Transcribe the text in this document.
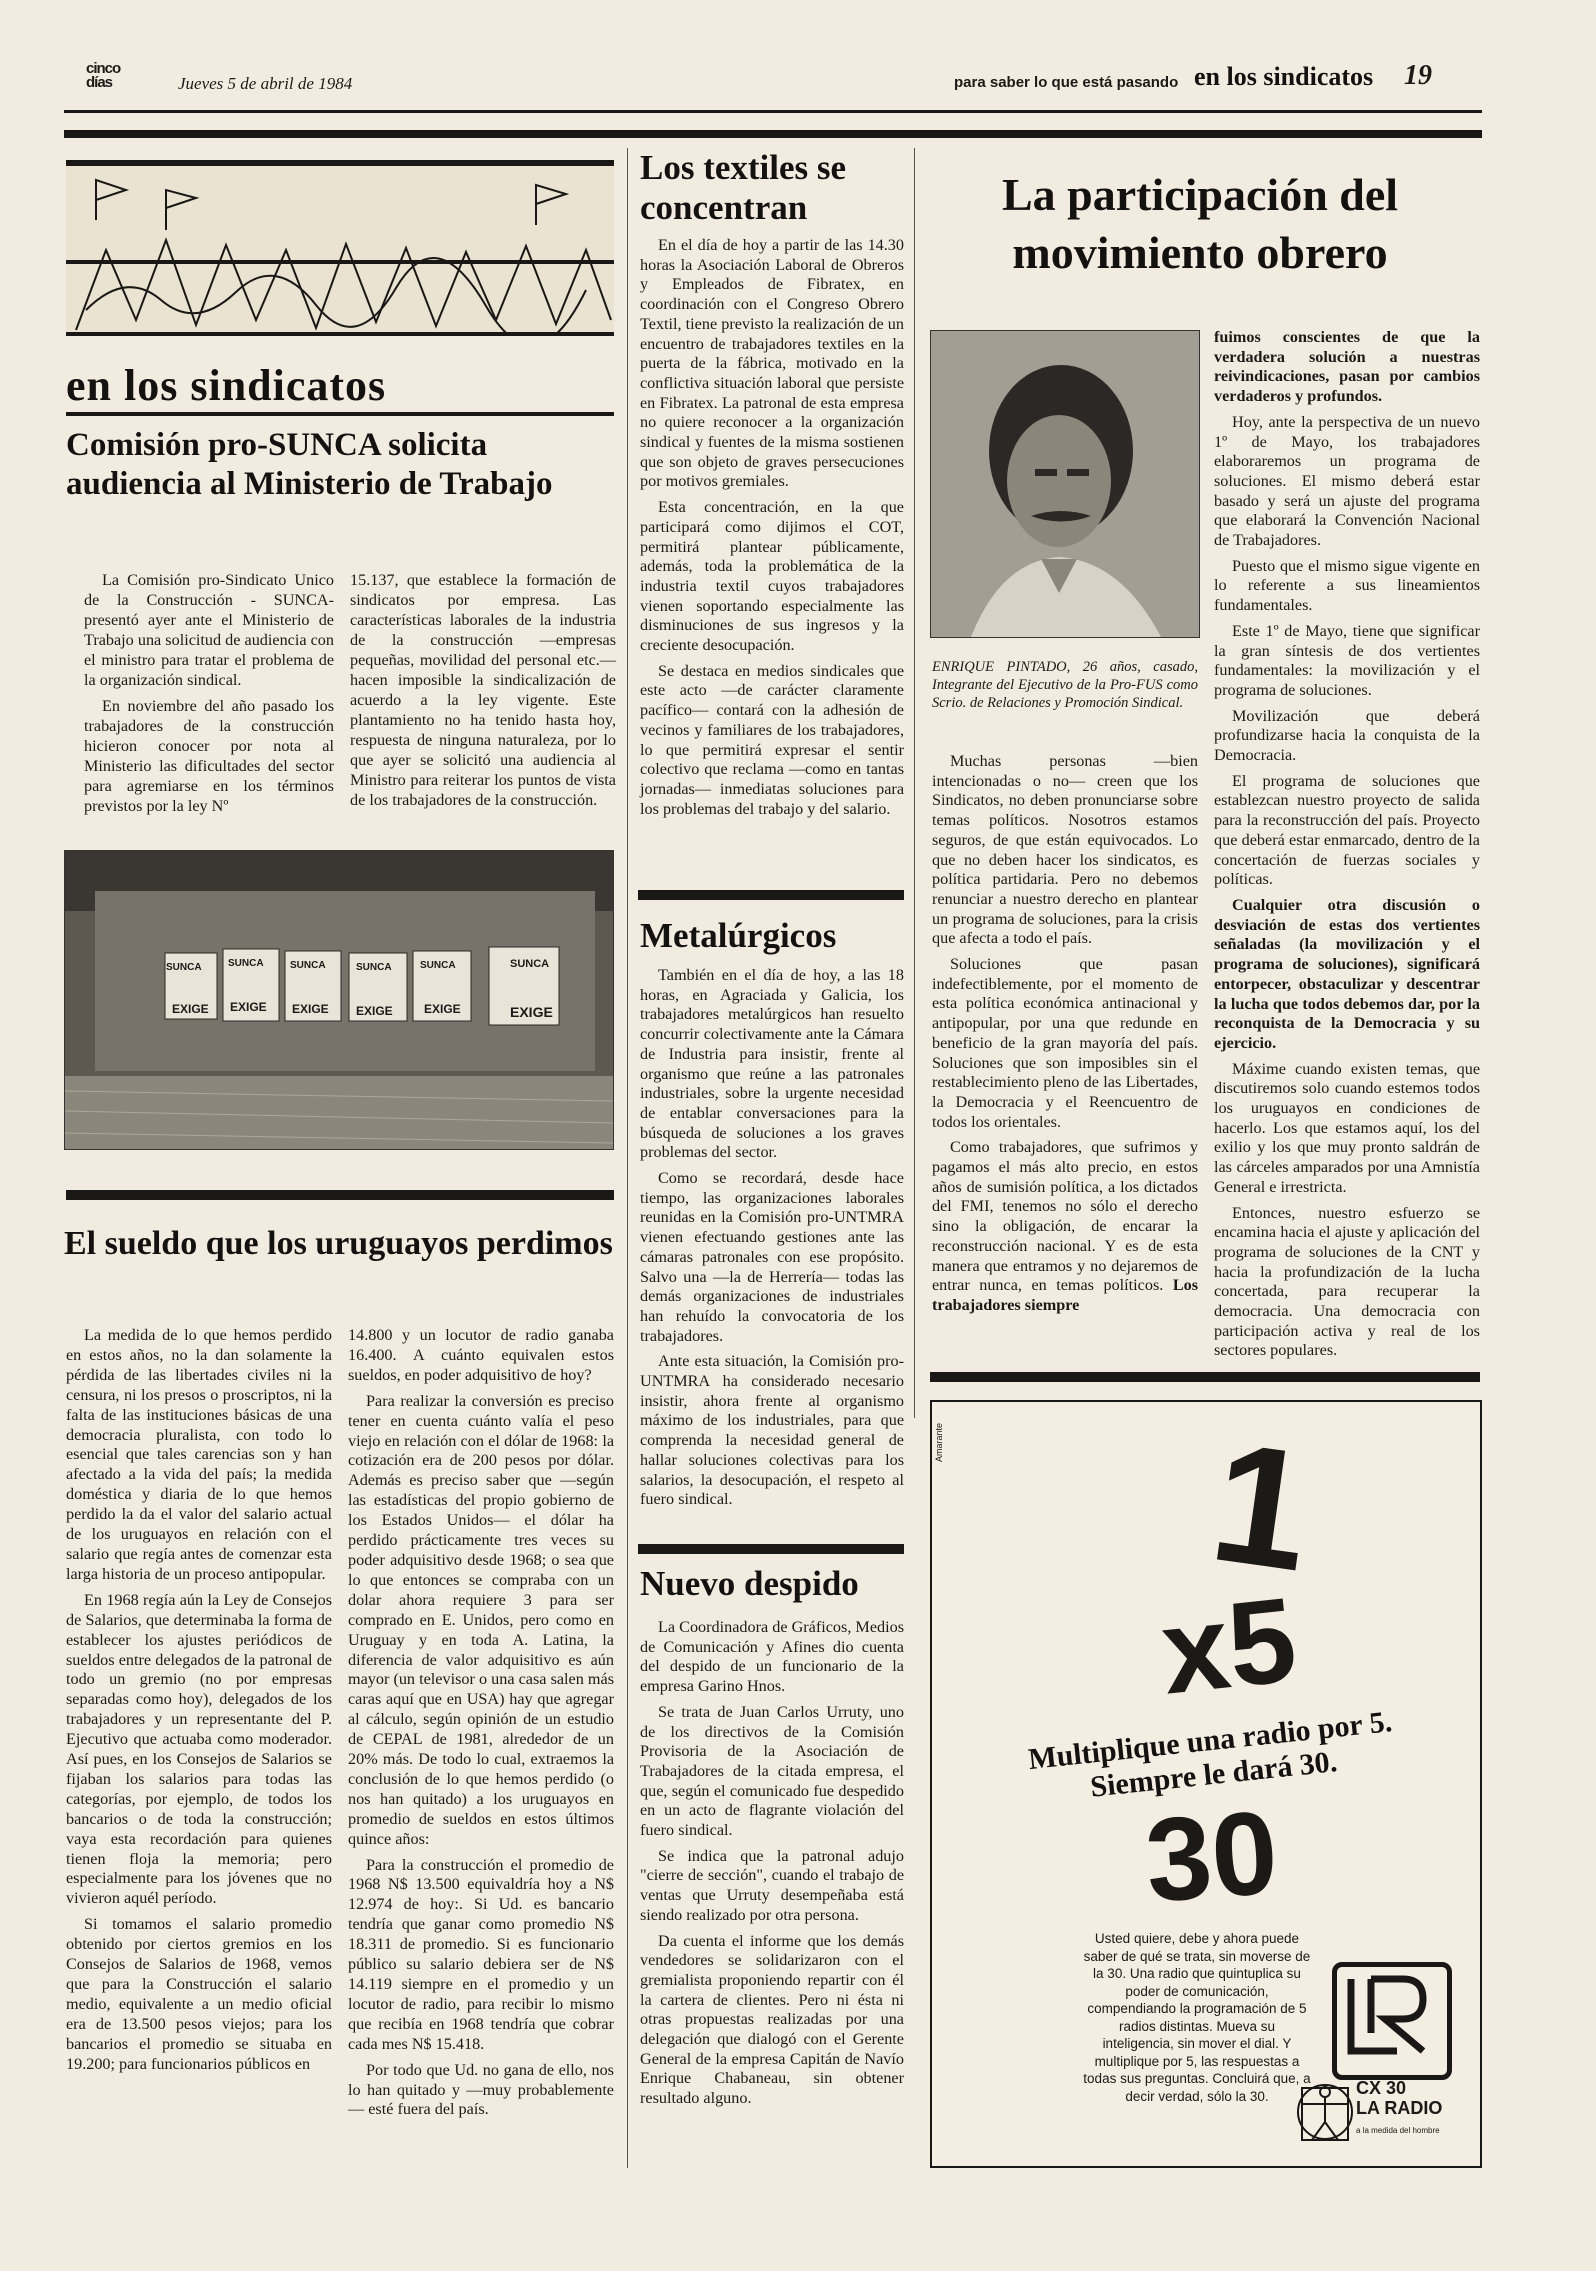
cinco días	Jueves 5 de abril de 1984	para saber lo que está pasando en los sindicatos 19
en los sindicatos
Comisión pro-SUNCA solicita audiencia al Ministerio de Trabajo

La Comisión pro-Sindicato Unico de la Construcción - SUNCA- presentó ayer ante el Ministerio de Trabajo una solicitud de audiencia con el ministro para tratar el problema de la organización sindical.

En noviembre del año pasado los trabajadores de la construcción hicieron conocer por nota al Ministerio las dificultades del sector para agremiarse en los términos previstos por la ley Nº

15.137, que establece la formación de sindicatos por empresa. Las características laborales de la industria de la construcción —empresas pequeñas, movilidad del personal etc.— hacen imposible la sindicalización de acuerdo a la ley vigente. Este plantamiento no ha tenido hasta hoy, respuesta de ninguna naturaleza, por lo que ayer se solicitó una audiencia al Ministro para reiterar los puntos de vista de los trabajadores de la construcción.

SUNCA
EXIGE
SUNCA
EXIGE
SUNCA
EXIGE
SUNCA
EXIGE
SUNCA
EXIGE
SUNCA
EXIGE
El sueldo que los uruguayos perdimos

La medida de lo que hemos perdido en estos años, no la dan solamente la pérdida de las libertades civiles ni la censura, ni los presos o proscriptos, ni la falta de las instituciones básicas de una democracia pluralista, con todo lo esencial que tales carencias son y han afectado a la vida del país; la medida doméstica y diaria de lo que hemos perdido la da el valor del salario actual de los uruguayos en relación con el salario que regía antes de comenzar esta larga historia de un proceso antipopular.

En 1968 regía aún la Ley de Consejos de Salarios, que determinaba la forma de establecer los ajustes periódicos de sueldos entre delegados de la patronal de todo un gremio (no por empresas separadas como hoy), delegados de los trabajadores y un representante del P. Ejecutivo que actuaba como moderador. Así pues, en los Consejos de Salarios se fijaban los salarios para todas las categorías, por ejemplo, de todos los bancarios o de toda la construcción; vaya esta recordación para quienes tienen floja la memoria; pero especialmente para los jóvenes que no vivieron aquél período.

Si tomamos el salario promedio obtenido por ciertos gremios en los Consejos de Salarios de 1968, vemos que para la Construcción el salario medio, equivalente a un medio oficial era de 13.500 pesos viejos; para los bancarios el promedio se situaba en 19.200; para funcionarios públicos en

14.800 y un locutor de radio ganaba 16.400. A cuánto equivalen estos sueldos, en poder adquisitivo de hoy?

Para realizar la conversión es preciso tener en cuenta cuánto valía el peso viejo en relación con el dólar de 1968: la cotización era de 200 pesos por dólar. Además es preciso saber que —según las estadísticas del propio gobierno de los Estados Unidos— el dólar ha perdido prácticamente tres veces su poder adquisitivo desde 1968; o sea que lo que entonces se compraba con un dolar ahora requiere 3 para ser comprado en E. Unidos, pero como en Uruguay y en toda A. Latina, la diferencia de valor adquisitivo es aún mayor (un televisor o una casa salen más caras aquí que en USA) hay que agregar al cálculo, según opinión de un estudio de CEPAL de 1981, alrededor de un 20% más. De todo lo cual, extraemos la conclusión de lo que hemos perdido (o nos han quitado) a los uruguayos en promedio de sueldos en estos últimos quince años:

Para la construcción el promedio de 1968 N$ 13.500 equivaldría hoy a N$ 12.974 de hoy:. Si Ud. es bancario tendría que ganar como promedio N$ 18.311 de promedio. Si es funcionario público su salario debiera ser de N$ 14.119 siempre en el promedio y un locutor de radio, para recibir lo mismo que recibía en 1968 tendría que cobrar cada mes N$ 15.418.

Por todo que Ud. no gana de ello, nos lo han quitado y —muy probablemente— esté fuera del país.

Los textiles se concentran

En el día de hoy a partir de las 14.30 horas la Asociación Laboral de Obreros y Empleados de Fibratex, en coordinación con el Congreso Obrero Textil, tiene previsto la realización de un encuentro de trabajadores textiles en la puerta de la fábrica, motivado en la conflictiva situación laboral que persiste en Fibratex. La patronal de esta empresa no quiere reconocer a la organización sindical y fuentes de la misma sostienen que son objeto de graves persecuciones por motivos gremiales.

Esta concentración, en la que participará como dijimos el COT, permitirá plantear públicamente, además, toda la problemática de la industria textil cuyos trabajadores vienen soportando especialmente las disminuciones de sus ingresos y la creciente desocupación.

Se destaca en medios sindicales que este acto —de carácter claramente pacífico— contará con la adhesión de vecinos y familiares de los trabajadores, lo que permitirá expresar el sentir colectivo que reclama —como en tantas jornadas— inmediatas soluciones para los problemas del trabajo y del salario.

Metalúrgicos

También en el día de hoy, a las 18 horas, en Agraciada y Galicia, los trabajadores metalúrgicos han resuelto concurrir colectivamente ante la Cámara de Industria para insistir, frente al organismo que reúne a las patronales industriales, sobre la urgente necesidad de entablar conversaciones para la búsqueda de soluciones a los graves problemas del sector.

Como se recordará, desde hace tiempo, las organizaciones laborales reunidas en la Comisión pro-UNTMRA vienen efectuando gestiones ante las cámaras patronales con ese propósito. Salvo una —la de Herrería— todas las demás organizaciones de industriales han rehuído la convocatoria de los trabajadores.

Ante esta situación, la Comisión pro-UNTMRA ha considerado necesario insistir, ahora frente al organismo máximo de los industriales, para que comprenda la necesidad general de hallar soluciones colectivas para los salarios, la desocupación, el respeto al fuero sindical.

Nuevo despido

La Coordinadora de Gráficos, Medios de Comunicación y Afines dio cuenta del despido de un funcionario de la empresa Garino Hnos.

Se trata de Juan Carlos Urruty, uno de los directivos de la Comisión Provisoria de la Asociación de Trabajadores de la citada empresa, el que, según el comunicado fue despedido en un acto de flagrante violación del fuero sindical.

Se indica que la patronal adujo "cierre de sección", cuando el trabajo de ventas que Urruty desempeñaba está siendo realizado por otra persona.

Da cuenta el informe que los demás vendedores se solidarizaron con el gremialista proponiendo repartir con él la cartera de clientes. Pero ni ésta ni otras propuestas realizadas por una delegación que dialogó con el Gerente General de la empresa Capitán de Navío Enrique Chabaneau, sin obtener resultado alguno.

La participación del movimiento obrero
ENRIQUE PINTADO, 26 años, casado, Integrante del Ejecutivo de la Pro-FUS como Scrio. de Relaciones y Promoción Sindical.

Muchas personas —bien intencionadas o no— creen que los Sindicatos, no deben pronunciarse sobre temas políticos. Nosotros estamos seguros, de que están equivocados. Lo que no deben hacer los sindicatos, es política partidaria. Pero no debemos renunciar a nuestro derecho en plantear un programa de soluciones, para la crisis que afecta a todo el país.

Soluciones que pasan indefectiblemente, por el momento de esta política económica antinacional y antipopular, por una que redunde en beneficio de la gran mayoría del país. Soluciones que son imposibles sin el restablecimiento pleno de las Libertades, la Democracia y el Reencuentro de todos los orientales.

Como trabajadores, que sufrimos y pagamos el más alto precio, en estos años de sumisión política, a los dictados del FMI, tenemos no sólo el derecho sino la obligación, de encarar la reconstrucción nacional. Y es de esta manera que entramos y no dejaremos de entrar nunca, en temas políticos. Los trabajadores siempre

fuimos conscientes de que la verdadera solución a nuestras reivindicaciones, pasan por cambios verdaderos y profundos.

Hoy, ante la perspectiva de un nuevo 1º de Mayo, los trabajadores elaboraremos un programa de soluciones. El mismo deberá estar basado y será un ajuste del programa que elaborará la Convención Nacional de Trabajadores.

Puesto que el mismo sigue vigente en lo referente a sus lineamientos fundamentales.

Este 1º de Mayo, tiene que significar la gran síntesis de dos vertientes fundamentales: la movilización y el programa de soluciones.

Movilización que deberá profundizarse hacia la conquista de la Democracia.

El programa de soluciones que establezcan nuestro proyecto de salida para la reconstrucción del país. Proyecto que deberá estar enmarcado, dentro de la concertación de fuerzas sociales y políticas.

Cualquier otra discusión o desviación de estas dos vertientes señaladas (la movilización y el programa de soluciones), significará entorpecer, obstaculizar y descentrar la lucha que todos debemos dar, por la reconquista de la Democracia y su ejercicio.

Máxime cuando existen temas, que discutiremos solo cuando estemos todos los uruguayos en condiciones de hacerlo. Los que estamos aquí, los del exilio y los que muy pronto saldrán de las cárceles amparados por una Amnistía General e irrestricta.

Entonces, nuestro esfuerzo se encamina hacia el ajuste y aplicación del programa de soluciones de la CNT y hacia la profundización de la lucha concertada, para recuperar la democracia. Una democracia con participación activa y real de los sectores populares.

Amarante 1
x5
Multiplique una radio por 5. Siempre le dará 30.
30
Usted quiere, debe y ahora puede saber de qué se trata, sin moverse de la 30. Una radio que quintuplica su poder de comunicación, compendiando la programación de 5 radios distintas. Mueva su inteligencia, sin mover el dial. Y multiplique por 5, las respuestas a todas sus preguntas. Concluirá que, a decir verdad, sólo la 30.	CX 30
LA RADIO
a la medida del hombre
